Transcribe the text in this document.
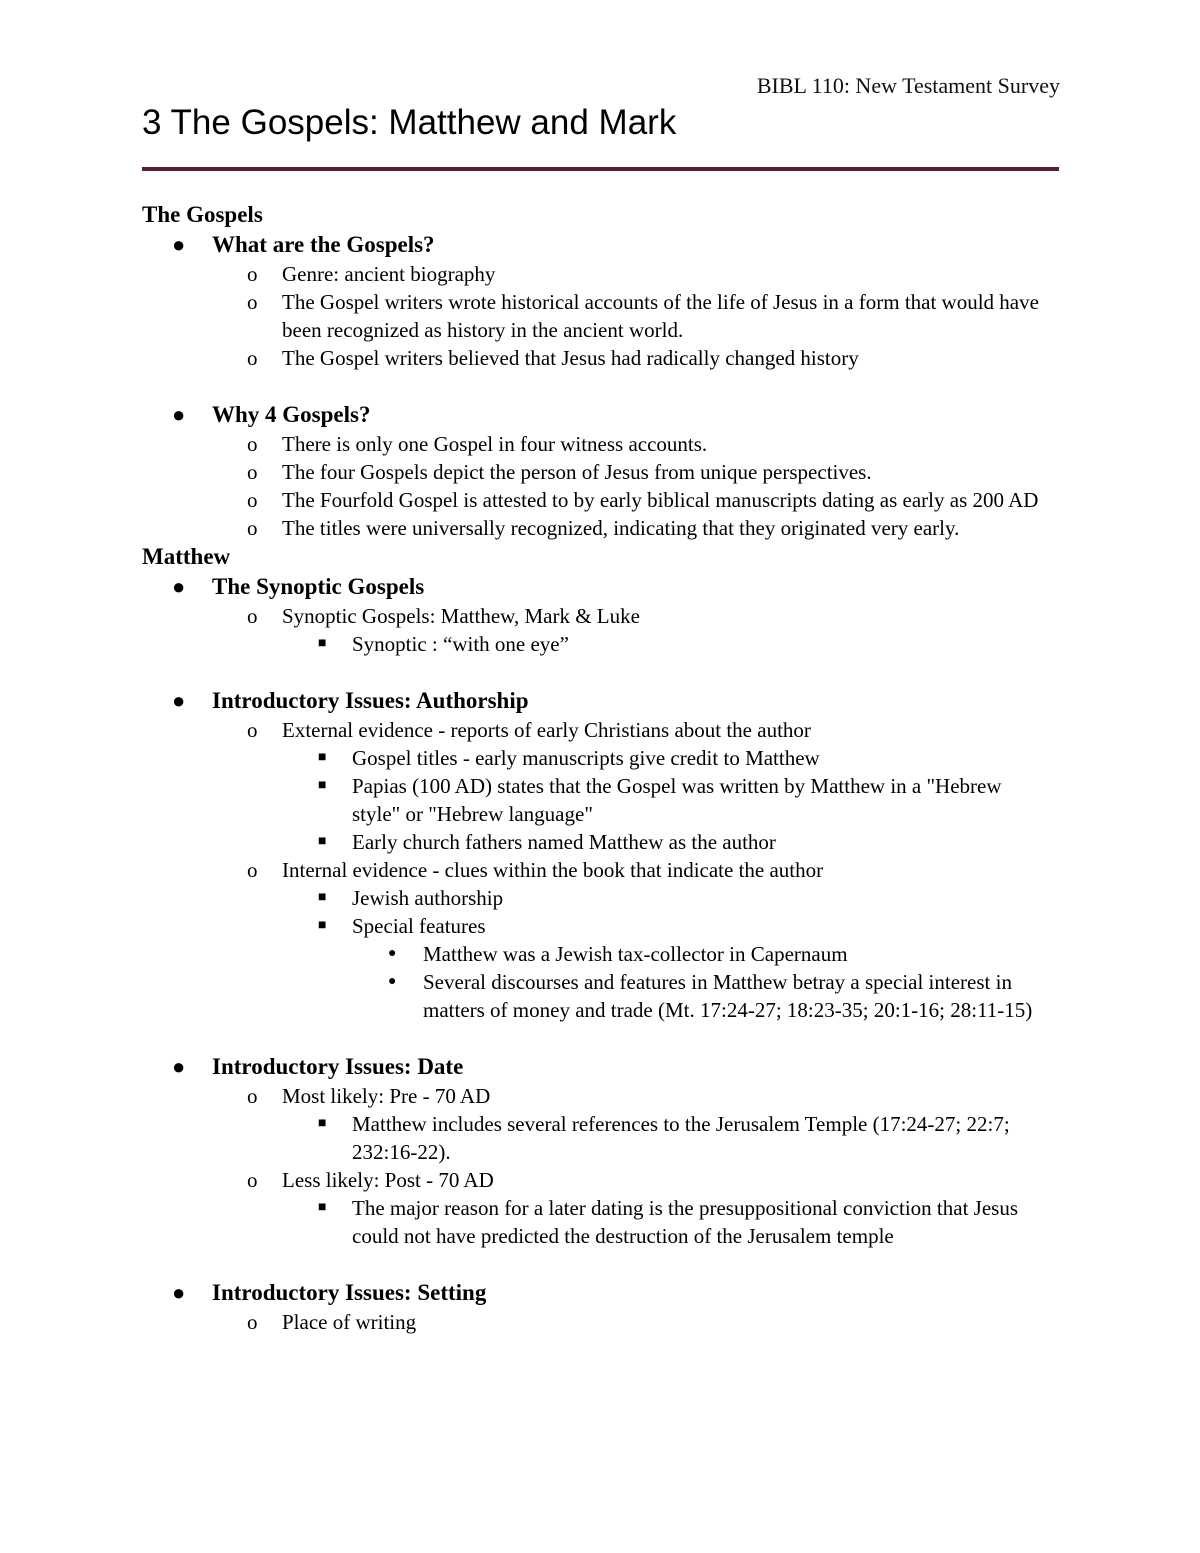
BIBL 110: New Testament Survey
3 The Gospels: Matthew and Mark
The Gospels
● What are the Gospels?
o Genre: ancient biography
o The Gospel writers wrote historical accounts of the life of Jesus in a form that would have been recognized as history in the ancient world.
o The Gospel writers believed that Jesus had radically changed history
● Why 4 Gospels?
o There is only one Gospel in four witness accounts.
o The four Gospels depict the person of Jesus from unique perspectives.
o The Fourfold Gospel is attested to by early biblical manuscripts dating as early as 200 AD
o The titles were universally recognized, indicating that they originated very early.
Matthew
● The Synoptic Gospels
o Synoptic Gospels: Matthew, Mark & Luke
■ Synoptic : “with one eye”
● Introductory Issues: Authorship
o External evidence - reports of early Christians about the author
■ Gospel titles - early manuscripts give credit to Matthew
■ Papias (100 AD) states that the Gospel was written by Matthew in a "Hebrew style" or "Hebrew language"
■ Early church fathers named Matthew as the author
o Internal evidence - clues within the book that indicate the author
■ Jewish authorship
■ Special features
● Matthew was a Jewish tax-collector in Capernaum
● Several discourses and features in Matthew betray a special interest in matters of money and trade (Mt. 17:24-27; 18:23-35; 20:1-16; 28:11-15)
● Introductory Issues: Date
o Most likely: Pre - 70 AD
■ Matthew includes several references to the Jerusalem Temple (17:24-27; 22:7; 232:16-22).
o Less likely: Post - 70 AD
■ The major reason for a later dating is the presuppositional conviction that Jesus could not have predicted the destruction of the Jerusalem temple
● Introductory Issues: Setting
o Place of writing
